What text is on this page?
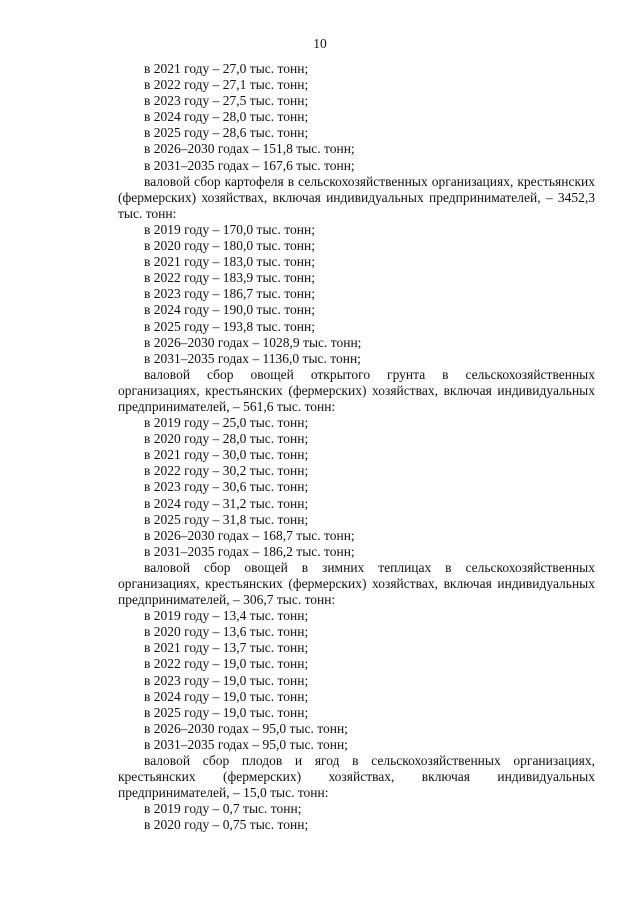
10
в 2021 году – 27,0 тыс. тонн;
в 2022 году – 27,1 тыс. тонн;
в 2023 году – 27,5 тыс. тонн;
в 2024 году – 28,0 тыс. тонн;
в 2025 году – 28,6 тыс. тонн;
в 2026–2030 годах – 151,8 тыс. тонн;
в 2031–2035 годах – 167,6 тыс. тонн;
валовой сбор картофеля в сельскохозяйственных организациях, крестьянских (фермерских) хозяйствах, включая индивидуальных предпринимателей, – 3452,3 тыс. тонн:
в 2019 году – 170,0 тыс. тонн;
в 2020 году – 180,0 тыс. тонн;
в 2021 году – 183,0 тыс. тонн;
в 2022 году – 183,9 тыс. тонн;
в 2023 году – 186,7 тыс. тонн;
в 2024 году – 190,0 тыс. тонн;
в 2025 году – 193,8 тыс. тонн;
в 2026–2030 годах – 1028,9 тыс. тонн;
в 2031–2035 годах – 1136,0 тыс. тонн;
валовой сбор овощей открытого грунта в сельскохозяйственных организациях, крестьянских (фермерских) хозяйствах, включая индивидуальных предпринимателей, – 561,6 тыс. тонн:
в 2019 году – 25,0 тыс. тонн;
в 2020 году – 28,0 тыс. тонн;
в 2021 году – 30,0 тыс. тонн;
в 2022 году – 30,2 тыс. тонн;
в 2023 году – 30,6 тыс. тонн;
в 2024 году – 31,2 тыс. тонн;
в 2025 году – 31,8 тыс. тонн;
в 2026–2030 годах – 168,7 тыс. тонн;
в 2031–2035 годах – 186,2 тыс. тонн;
валовой сбор овощей в зимних теплицах в сельскохозяйственных организациях, крестьянских (фермерских) хозяйствах, включая индивидуальных предпринимателей, – 306,7 тыс. тонн:
в 2019 году – 13,4 тыс. тонн;
в 2020 году – 13,6 тыс. тонн;
в 2021 году – 13,7 тыс. тонн;
в 2022 году – 19,0 тыс. тонн;
в 2023 году – 19,0 тыс. тонн;
в 2024 году – 19,0 тыс. тонн;
в 2025 году – 19,0 тыс. тонн;
в 2026–2030 годах – 95,0 тыс. тонн;
в 2031–2035 годах – 95,0 тыс. тонн;
валовой сбор плодов и ягод в сельскохозяйственных организациях, крестьянских (фермерских) хозяйствах, включая индивидуальных предпринимателей, – 15,0 тыс. тонн:
в 2019 году – 0,7 тыс. тонн;
в 2020 году – 0,75 тыс. тонн;
